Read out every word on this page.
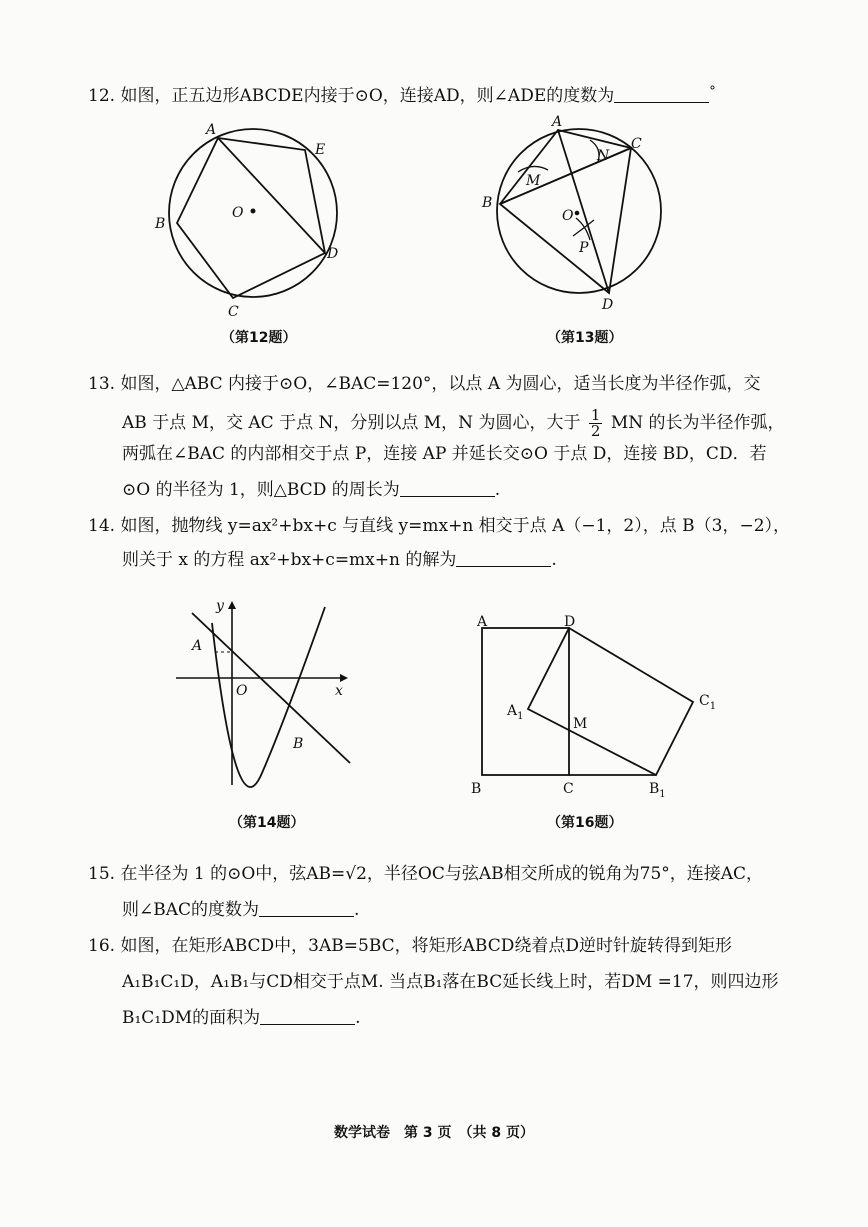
12. 如图，正五边形ABCDE内接于⊙O，连接AD，则∠ADE的度数为	°
A
E
O
B
D
C
（第12题）
A
C
N
M
B
O
P
D
（第13题）
13. 如图，△ABC 内接于⊙O，∠BAC=120°，以点 A 为圆心，适当长度为半径作弧，交
AB 于点 M，交 AC 于点 N，分别以点 M，N 为圆心，大于 $\frac{1}{2}$ MN 的长为半径作弧，
两弧在∠BAC 的内部相交于点 P，连接 AP 并延长交⊙O 于点 D，连接 BD，CD．若
⊙O 的半径为 1，则△BCD 的周长为	.
14. 如图，抛物线 y=ax²+bx+c 与直线 y=mx+n 相交于点 A（−1，2），点 B（3，−2），
则关于 x 的方程 ax²+bx+c=mx+n 的解为	.
y
A
O	x
B
（第14题）
A	D
$A_1$	M
$C_1$
B	C	$B_1$
（第16题）
15. 在半径为 1 的⊙O中，弦AB=√2，半径OC与弦AB相交所成的锐角为75°，连接AC，
则∠BAC的度数为	.
16. 如图，在矩形ABCD中，3AB=5BC，将矩形ABCD绕着点D逆时针旋转得到矩形
A₁B₁C₁D，A₁B₁与CD相交于点M. 当点B₁落在BC延长线上时，若DM =17，则四边形
B₁C₁DM的面积为	.
数学试卷　第 3 页　（共 8 页）
